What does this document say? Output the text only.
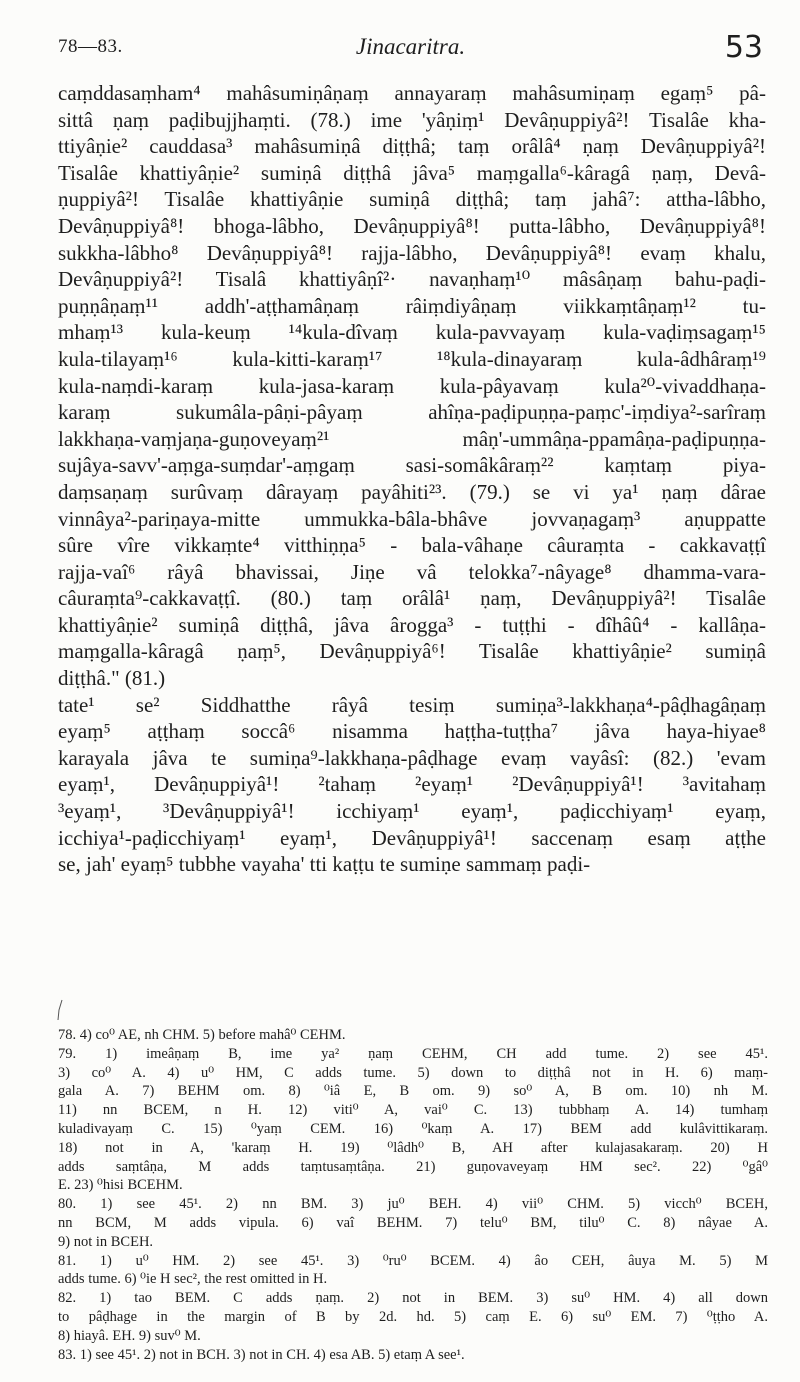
78—83.	Jinacaritra.	53
caṃddasaṃham⁴ mahâsumiṇâṇaṃ annayaraṃ mahâsumiṇaṃ egaṃ⁵ pâ-
sittâ ṇaṃ paḍibujjhaṃti. (78.) ime 'yâṇiṃ¹ Devâṇuppiyâ²! Tisalâe kha-
ttiyâṇie² cauddasa³ mahâsumiṇâ diṭṭhâ; taṃ orâlâ⁴ ṇaṃ Devâṇuppiyâ²!
Tisalâe khattiyâṇie² sumiṇâ diṭṭhâ jâva⁵ maṃgalla⁶-kâragâ ṇaṃ, Devâ-
ṇuppiyâ²! Tisalâe khattiyâṇie sumiṇâ diṭṭhâ; taṃ jahâ⁷: attha-lâbho,
Devâṇuppiyâ⁸! bhoga-lâbho, Devâṇuppiyâ⁸! putta-lâbho, Devâṇuppiyâ⁸!
sukkha-lâbho⁸ Devâṇuppiyâ⁸! rajja-lâbho, Devâṇuppiyâ⁸! evaṃ khalu,
Devâṇuppiyâ²! Tisalâ khattiyâṇî²· navaṇhaṃ¹⁰ mâsâṇaṃ bahu-paḍi-
puṇṇâṇaṃ¹¹ addh'-aṭṭhamâṇaṃ râiṃdiyâṇaṃ viikkaṃtâṇaṃ¹² tu-
mhaṃ¹³ kula-keuṃ ¹⁴kula-dîvaṃ kula-pavvayaṃ kula-vaḍiṃsagaṃ¹⁵
kula-tilayaṃ¹⁶ kula-kitti-karaṃ¹⁷ ¹⁸kula-dinayaraṃ kula-âdhâraṃ¹⁹
kula-naṃdi-karaṃ kula-jasa-karaṃ kula-pâyavaṃ kula²⁰-vivaddhaṇa-
karaṃ sukumâla-pâṇi-pâyaṃ ahîṇa-paḍipuṇṇa-paṃc'-iṃdiya²-sarîraṃ
lakkhaṇa-vaṃjaṇa-guṇoveyaṃ²¹ mâṇ'-ummâṇa-ppamâṇa-paḍipuṇṇa-
sujâya-savv'-aṃga-suṃdar'-aṃgaṃ sasi-somâkâraṃ²² kaṃtaṃ piya-
daṃsaṇaṃ surûvaṃ dârayaṃ payâhiti²³. (79.) se vi ya¹ ṇaṃ dârae
vinnâya²-pariṇaya-mitte ummukka-bâla-bhâve jovvaṇagaṃ³ aṇuppatte
sûre vîre vikkaṃte⁴ vitthiṇṇa⁵ - bala-vâhaṇe câuraṃta - cakkavaṭṭî
rajja-vaî⁶ râyâ bhavissai, Jiṇe vâ telokka⁷-nâyage⁸ dhamma-vara-
câuraṃta⁹-cakkavaṭṭî. (80.) taṃ orâlâ¹ ṇaṃ, Devâṇuppiyâ²! Tisalâe
khattiyâṇie² sumiṇâ diṭṭhâ, jâva ârogga³ - tuṭṭhi - dîhâû⁴ - kallâṇa-
maṃgalla-kâragâ ṇaṃ⁵, Devâṇuppiyâ⁶! Tisalâe khattiyâṇie² sumiṇâ
diṭṭhâ." (81.)
tate¹ se² Siddhatthe râyâ tesiṃ sumiṇa³-lakkhaṇa⁴-pâḍhagâṇaṃ
eyaṃ⁵ aṭṭhaṃ soccâ⁶ nisamma haṭṭha-tuṭṭha⁷ jâva haya-hiyae⁸
karayala jâva te sumiṇa⁹-lakkhaṇa-pâḍhage evaṃ vayâsî: (82.) 'evam
eyaṃ¹, Devâṇuppiyâ¹! ²tahaṃ ²eyaṃ¹ ²Devâṇuppiyâ¹! ³avitahaṃ
³eyaṃ¹, ³Devâṇuppiyâ¹! icchiyaṃ¹ eyaṃ¹, paḍicchiyaṃ¹ eyaṃ,
icchiya¹-paḍicchiyaṃ¹ eyaṃ¹, Devâṇuppiyâ¹! saccenaṃ esaṃ aṭṭhe
se, jah' eyaṃ⁵ tubbhe vayaha' tti kaṭṭu te sumiṇe sammaṃ paḍi-
78. 4) co⁰ AE, nh CHM. 5) before mahâ⁰ CEHM.
79. 1) imeâṇaṃ B, ime ya² ṇaṃ CEHM, CH add tume. 2) see 45¹.
3) co⁰ A. 4) u⁰ HM, C adds tume. 5) down to diṭṭhâ not in H. 6) maṃ-
gala A. 7) BEHM om. 8) ⁰iâ E, B om. 9) so⁰ A, B om. 10) nh M.
11) nn BCEM, n H. 12) viti⁰ A, vai⁰ C. 13) tubbhaṃ A. 14) tumhaṃ
kuladivayaṃ C. 15) ⁰yaṃ CEM. 16) ⁰kaṃ A. 17) BEM add kulâvittikaraṃ.
18) not in A, 'karaṃ H. 19) ⁰lâdh⁰ B, AH after kulajasakaraṃ. 20) H
adds saṃtâṇa, M adds taṃtusaṃtâṇa. 21) guṇovaveyaṃ HM sec². 22) ⁰gâ⁰
E. 23) ⁰hisi BCEHM.
80. 1) see 45¹. 2) nn BM. 3) ju⁰ BEH. 4) vii⁰ CHM. 5) vicch⁰ BCEH,
nn BCM, M adds vipula. 6) vaî BEHM. 7) telu⁰ BM, tilu⁰ C. 8) nâyae A.
9) not in BCEH.
81. 1) u⁰ HM. 2) see 45¹. 3) ⁰ru⁰ BCEM. 4) âo CEH, âuya M. 5) M
adds tume. 6) ⁰ie H sec², the rest omitted in H.
82. 1) tao BEM. C adds ṇaṃ. 2) not in BEM. 3) su⁰ HM. 4) all down
to pâḍhage in the margin of B by 2d. hd. 5) caṃ E. 6) su⁰ EM. 7) ⁰ṭṭho A.
8) hiayâ. EH. 9) suv⁰ M.
83. 1) see 45¹. 2) not in BCH. 3) not in CH. 4) esa AB. 5) etaṃ A see¹.
